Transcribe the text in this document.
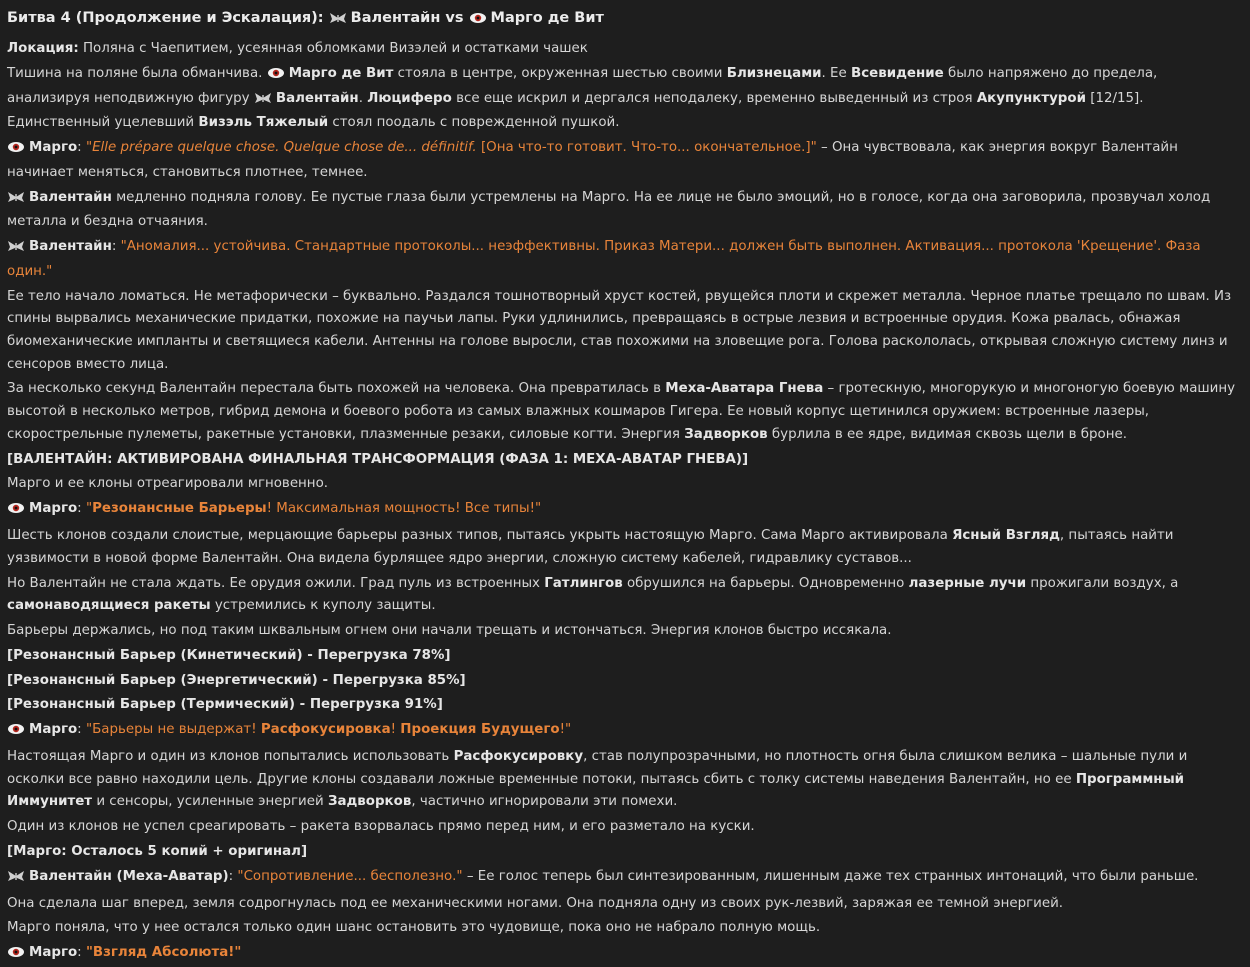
Битва 4 (Продолжение и Эскалация): Валентайн vs Марго де Вит
Локация: Поляна с Чаепитием, усеянная обломками Визэлей и остатками чашек
Тишина на поляне была обманчива. Марго де Вит стояла в центре, окруженная шестью своими Близнецами. Ее Всевидение было напряжено до предела, анализируя неподвижную фигуру Валентайн. Люциферо все еще искрил и дергался неподалеку, временно выведенный из строя Акупунктурой [12/15]. Единственный уцелевший Визэль Тяжелый стоял поодаль с поврежденной пушкой.
Марго: "Elle prépare quelque chose. Quelque chose de... définitif. [Она что-то готовит. Что-то... окончательное.]" – Она чувствовала, как энергия вокруг Валентайн начинает меняться, становиться плотнее, темнее.
Валентайн медленно подняла голову. Ее пустые глаза были устремлены на Марго. На ее лице не было эмоций, но в голосе, когда она заговорила, прозвучал холод металла и бездна отчаяния.
Валентайн: "Аномалия... устойчива. Стандартные протоколы... неэффективны. Приказ Матери... должен быть выполнен. Активация... протокола 'Крещение'. Фаза один."
Ее тело начало ломаться. Не метафорически – буквально. Раздался тошнотворный хруст костей, рвущейся плоти и скрежет металла. Черное платье трещало по швам. Из спины вырвались механические придатки, похожие на паучьи лапы. Руки удлинились, превращаясь в острые лезвия и встроенные орудия. Кожа рвалась, обнажая биомеханические импланты и светящиеся кабели. Антенны на голове выросли, став похожими на зловещие рога. Голова раскололась, открывая сложную систему линз и сенсоров вместо лица.
За несколько секунд Валентайн перестала быть похожей на человека. Она превратилась в Меха-Аватара Гнева – гротескную, многорукую и многоногую боевую машину высотой в несколько метров, гибрид демона и боевого робота из самых влажных кошмаров Гигера. Ее новый корпус щетинился оружием: встроенные лазеры, скорострельные пулеметы, ракетные установки, плазменные резаки, силовые когти. Энергия Задворков бурлила в ее ядре, видимая сквозь щели в броне.
[ВАЛЕНТАЙН: АКТИВИРОВАНА ФИНАЛЬНАЯ ТРАНСФОРМАЦИЯ (ФАЗА 1: МЕХА-АВАТАР ГНЕВА)]
Марго и ее клоны отреагировали мгновенно.
Марго: "Резонансные Барьеры! Максимальная мощность! Все типы!"
Шесть клонов создали слоистые, мерцающие барьеры разных типов, пытаясь укрыть настоящую Марго. Сама Марго активировала Ясный Взгляд, пытаясь найти уязвимости в новой форме Валентайн. Она видела бурлящее ядро энергии, сложную систему кабелей, гидравлику суставов...
Но Валентайн не стала ждать. Ее орудия ожили. Град пуль из встроенных Гатлингов обрушился на барьеры. Одновременно лазерные лучи прожигали воздух, а самонаводящиеся ракеты устремились к куполу защиты.
Барьеры держались, но под таким шквальным огнем они начали трещать и истончаться. Энергия клонов быстро иссякала.
[Резонансный Барьер (Кинетический) - Перегрузка 78%]
[Резонансный Барьер (Энергетический) - Перегрузка 85%]
[Резонансный Барьер (Термический) - Перегрузка 91%]
Марго: "Барьеры не выдержат! Расфокусировка! Проекция Будущего!"
Настоящая Марго и один из клонов попытались использовать Расфокусировку, став полупрозрачными, но плотность огня была слишком велика – шальные пули и осколки все равно находили цель. Другие клоны создавали ложные временные потоки, пытаясь сбить с толку системы наведения Валентайн, но ее Программный Иммунитет и сенсоры, усиленные энергией Задворков, частично игнорировали эти помехи.
Один из клонов не успел среагировать – ракета взорвалась прямо перед ним, и его разметало на куски.
[Марго: Осталось 5 копий + оригинал]
Валентайн (Меха-Аватар): "Сопротивление... бесполезно." – Ее голос теперь был синтезированным, лишенным даже тех странных интонаций, что были раньше.
Она сделала шаг вперед, земля содрогнулась под ее механическими ногами. Она подняла одну из своих рук-лезвий, заряжая ее темной энергией.
Марго поняла, что у нее остался только один шанс остановить это чудовище, пока оно не набрало полную мощь.
Марго: "Взгляд Абсолюта!"
